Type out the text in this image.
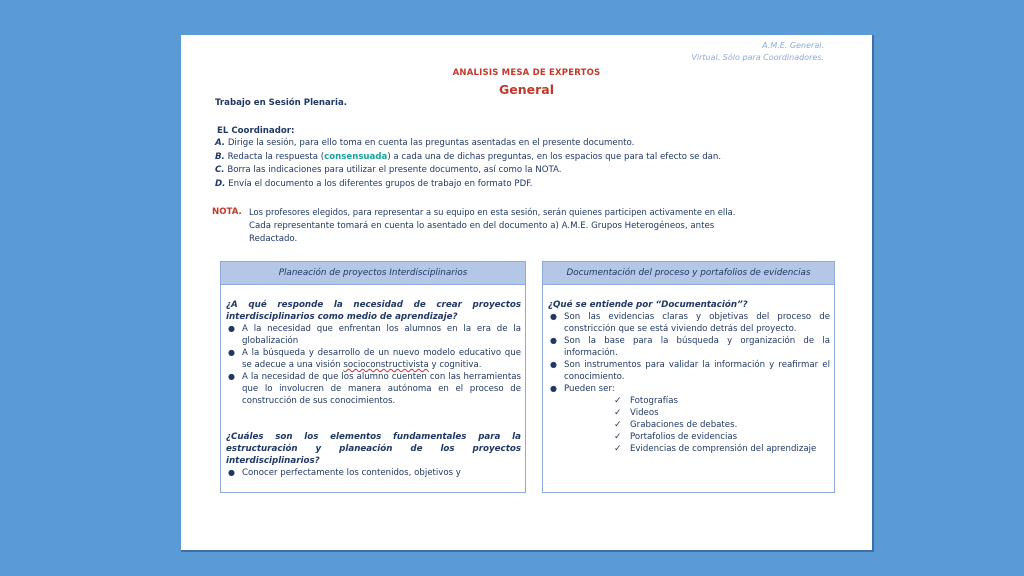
A.M.E. General.
Virtual. Sólo para Coordinadores.
ANALISIS MESA DE EXPERTOS
General
Trabajo en Sesión Plenaria.
EL Coordinador:
A. Dirige la sesión, para ello toma en cuenta las preguntas asentadas en el presente documento.
B. Redacta la respuesta (consensuada) a cada una de dichas preguntas, en los espacios que para tal efecto se dan.
C. Borra las indicaciones para utilizar el presente documento, así como la NOTA.
D. Envía el documento a los diferentes grupos de trabajo en formato PDF.
NOTA. Los profesores elegidos, para representar a su equipo en esta sesión, serán quienes participen activamente en ella.
Cada representante tomará en cuenta lo asentado en del documento a) A.M.E. Grupos Heterogéneos, antes
Redactado.
Planeación de proyectos Interdisciplinarios

¿A qué responde la necesidad de crear proyectos interdisciplinarios como medio de aprendizaje?

● A la necesidad que enfrentan los alumnos en la era de la globalización
● A la búsqueda y desarrollo de un nuevo modelo educativo que se adecue a una visión socioconstructivista y cognitiva.
● A la necesidad de que los alumno cuenten con las herramientas que lo involucren de manera autónoma en el proceso de construcción de sus conocimientos.

¿Cuáles son los elementos fundamentales para la estructuración y planeación de los proyectos interdisciplinarios?

● Conocer perfectamente los contenidos, objetivos y
Documentación del proceso y portafolios de evidencias

¿Qué se entiende por “Documentación”?

● Son las evidencias claras y objetivas del proceso de constricción que se está viviendo detrás del proyecto.
● Son la base para la búsqueda y organización de la información.
● Son instrumentos para validar la información y reafirmar el conocimiento.
● Pueden ser:
✓ Fotografías
✓ Videos
✓ Grabaciones de debates.
✓ Portafolios de evidencias
✓ Evidencias de comprensión del aprendizaje
